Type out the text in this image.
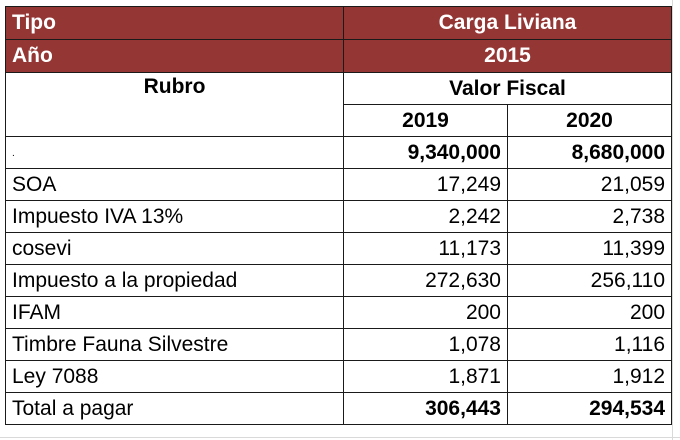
Tipo	Carga Liviana	
Año	2015	
Rubro	Valor Fiscal	
	2019	2020
.	9,340,000	8,680,000
SOA	17,249	21,059
Impuesto IVA 13%	2,242	2,738
cosevi	11,173	11,399
Impuesto a la propiedad	272,630	256,110
IFAM	200	200
Timbre Fauna Silvestre	1,078	1,116
Ley 7088	1,871	1,912
Total a pagar	306,443	294,534
